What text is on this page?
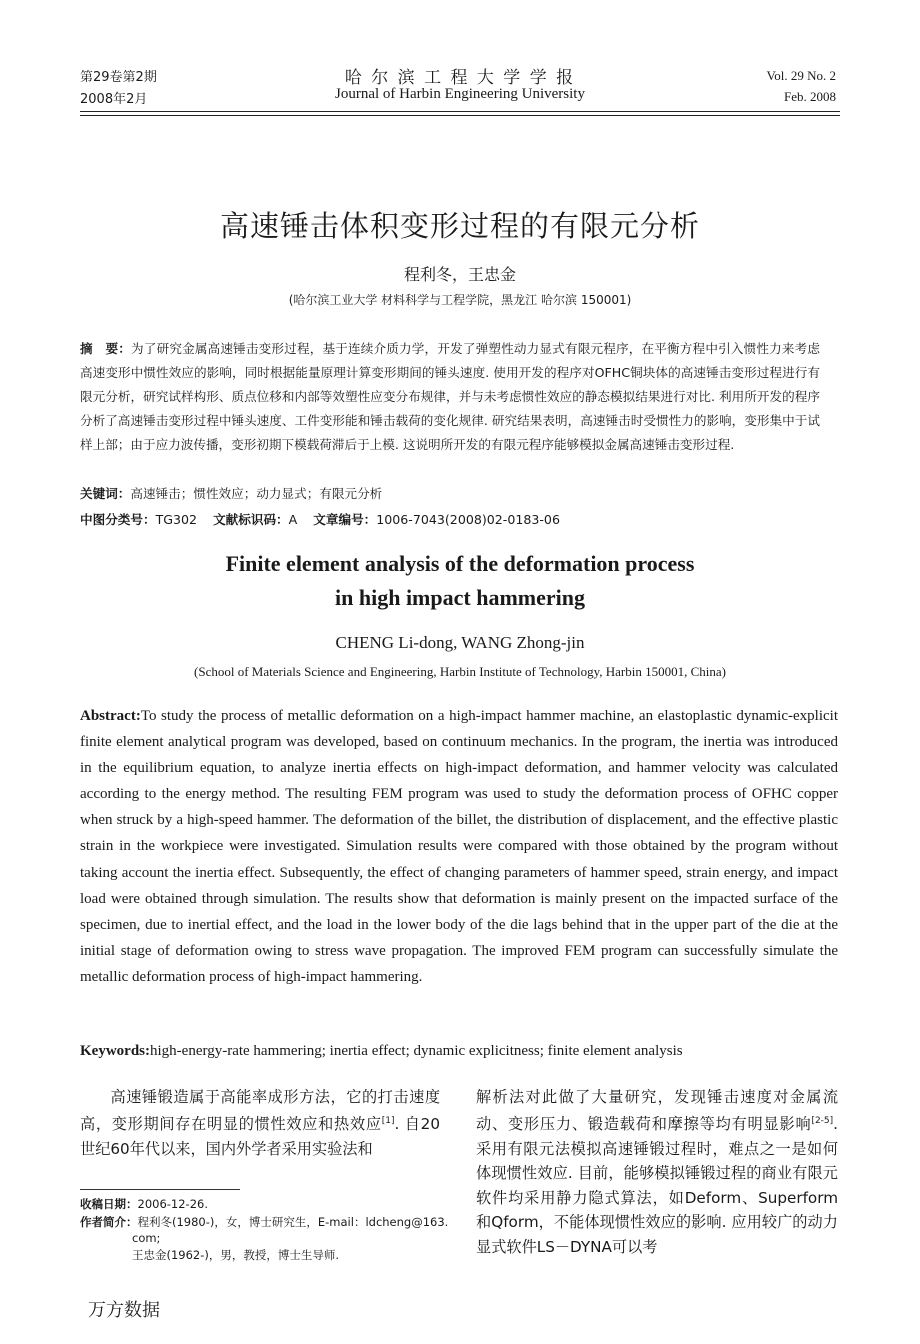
第29卷第2期
2008年2月
哈 尔 滨 工 程 大 学 学 报
Journal of Harbin Engineering University
Vol. 29 No. 2
Feb. 2008
高速锤击体积变形过程的有限元分析
程利冬，王忠金
(哈尔滨工业大学 材料科学与工程学院，黑龙江 哈尔滨 150001)
摘　要：为了研究金属高速锤击变形过程，基于连续介质力学，开发了弹塑性动力显式有限元程序，在平衡方程中引入惯性力来考虑高速变形中惯性效应的影响，同时根据能量原理计算变形期间的锤头速度. 使用开发的程序对OFHC铜块体的高速锤击变形过程进行有限元分析，研究试样构形、质点位移和内部等效塑性应变分布规律，并与未考虑惯性效应的静态模拟结果进行对比. 利用所开发的程序分析了高速锤击变形过程中锤头速度、工件变形能和锤击载荷的变化规律. 研究结果表明，高速锤击时受惯性力的影响，变形集中于试样上部；由于应力波传播，变形初期下模载荷滞后于上模. 这说明所开发的有限元程序能够模拟金属高速锤击变形过程.
关键词：高速锤击；惯性效应；动力显式；有限元分析
中图分类号：TG302 文献标识码：A 文章编号：1006-7043(2008)02-0183-06
Finite element analysis of the deformation process
in high impact hammering
CHENG Li-dong, WANG Zhong-jin
(School of Materials Science and Engineering, Harbin Institute of Technology, Harbin 150001, China)
Abstract:To study the process of metallic deformation on a high-impact hammer machine, an elastoplastic dynamic-explicit finite element analytical program was developed, based on continuum mechanics. In the program, the inertia was introduced in the equilibrium equation, to analyze inertia effects on high-impact deformation, and hammer velocity was calculated according to the energy method. The resulting FEM program was used to study the deformation process of OFHC copper when struck by a high-speed hammer. The deformation of the billet, the distribution of displacement, and the effective plastic strain in the workpiece were investigated. Simulation results were compared with those obtained by the program without taking account the inertia effect. Subsequently, the effect of changing parameters of hammer speed, strain energy, and impact load were obtained through simulation. The results show that deformation is mainly present on the impacted surface of the specimen, due to inertial effect, and the load in the lower body of the die lags behind that in the upper part of the die at the initial stage of deformation owing to stress wave propagation. The improved FEM program can successfully simulate the metallic deformation process of high-impact hammering.
Keywords:high-energy-rate hammering; inertia effect; dynamic explicitness; finite element analysis
高速锤锻造属于高能率成形方法，它的打击速度高，变形期间存在明显的惯性效应和热效应[1]. 自20世纪60年代以来，国内外学者采用实验法和
解析法对此做了大量研究，发现锤击速度对金属流动、变形压力、锻造载荷和摩擦等均有明显影响[2-5]. 采用有限元法模拟高速锤锻过程时，难点之一是如何体现惯性效应. 目前，能够模拟锤锻过程的商业有限元软件均采用静力隐式算法，如Deform、Superform和Qform，不能体现惯性效应的影响. 应用较广的动力显式软件LS－DYNA可以考
收稿日期：2006-12-26.
作者简介：程利冬(1980-)，女，博士研究生，E-mail：ldcheng@163.
com;
王忠金(1962-)，男，教授，博士生导师.
万方数据
